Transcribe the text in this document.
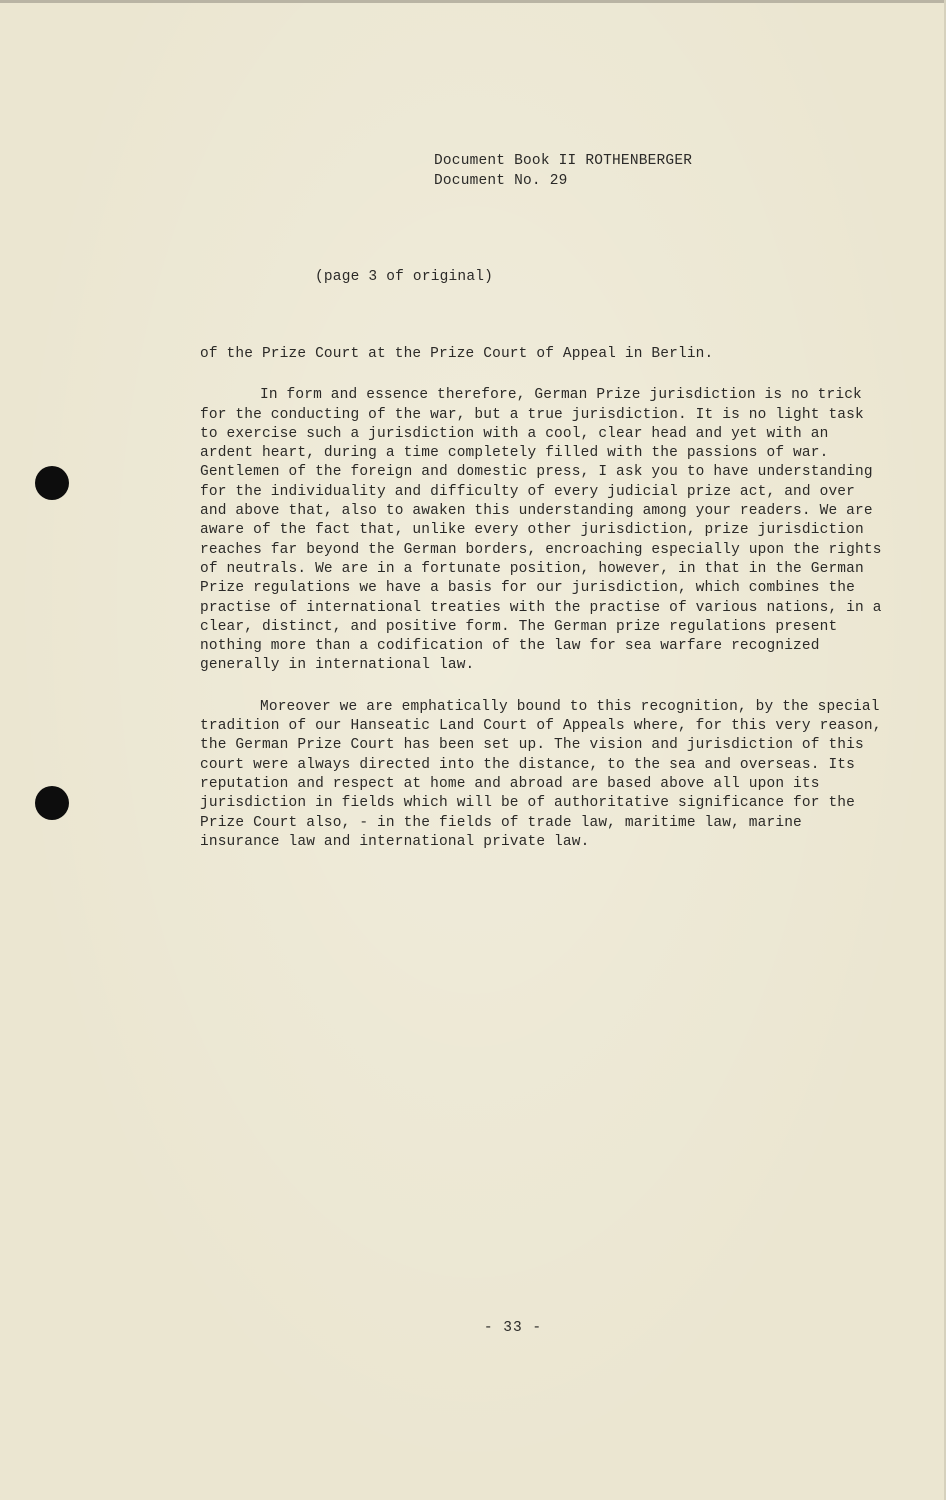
Document Book II ROTHENBERGER
Document No. 29
(page 3 of original)

of the Prize Court at the Prize Court of Appeal in Berlin.

In form and essence therefore, German Prize jurisdiction is no trick for the conducting of the war, but a true jurisdiction. It is no light task to exercise such a jurisdiction with a cool, clear head and yet with an ardent heart, during a time completely filled with the passions of war. Gentlemen of the foreign and domestic press, I ask you to have understanding for the individuality and difficulty of every judicial prize act, and over and above that, also to awaken this understanding among your readers. We are aware of the fact that, unlike every other jurisdiction, prize jurisdiction reaches far beyond the German borders, encroaching especially upon the rights of neutrals. We are in a fortunate position, however, in that in the German Prize regulations we have a basis for our jurisdiction, which combines the practise of international treaties with the practise of various nations, in a clear, distinct, and positive form. The German prize regulations present nothing more than a codification of the law for sea warfare recognized generally in international law.

Moreover we are emphatically bound to this recognition, by the special tradition of our Hanseatic Land Court of Appeals where, for this very reason, the German Prize Court has been set up. The vision and jurisdiction of this court were always directed into the distance, to the sea and overseas. Its reputation and respect at home and abroad are based above all upon its jurisdiction in fields which will be of authoritative significance for the Prize Court also, - in the fields of trade law, maritime law, marine insurance law and international private law.

- 33 -
